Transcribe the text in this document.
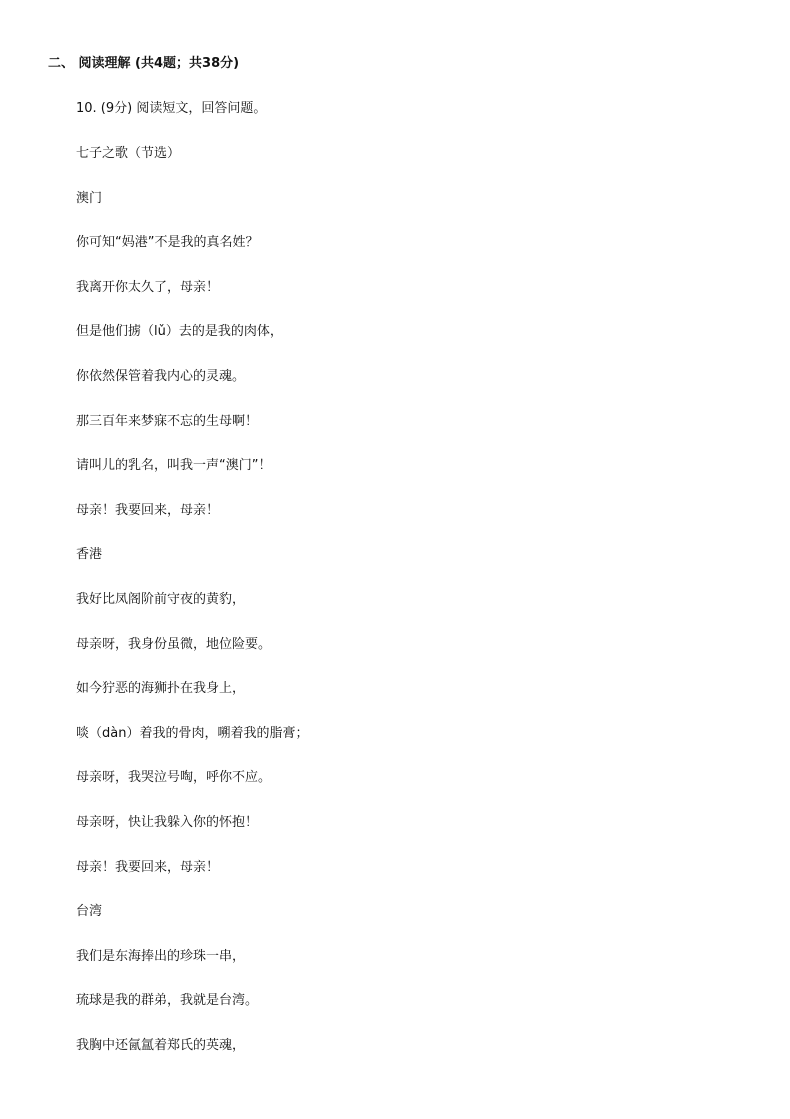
二、 阅读理解 (共4题；共38分)
10. (9分) 阅读短文，回答问题。
七子之歌（节选）
澳门
你可知“妈港”不是我的真名姓？
我离开你太久了，母亲！
但是他们掳（lǔ）去的是我的肉体，
你依然保管着我内心的灵魂。
那三百年来梦寐不忘的生母啊！
请叫儿的乳名，叫我一声“澳门”！
母亲！我要回来，母亲！
香港
我好比凤阁阶前守夜的黄豹，
母亲呀，我身份虽微，地位险要。
如今狞恶的海狮扑在我身上，
啖（dàn）着我的骨肉，嗍着我的脂膏；
母亲呀，我哭泣号啕，呼你不应。
母亲呀，快让我躲入你的怀抱！
母亲！我要回来，母亲！
台湾
我们是东海捧出的珍珠一串，
琉球是我的群弟，我就是台湾。
我胸中还氤氲着郑氏的英魂，
